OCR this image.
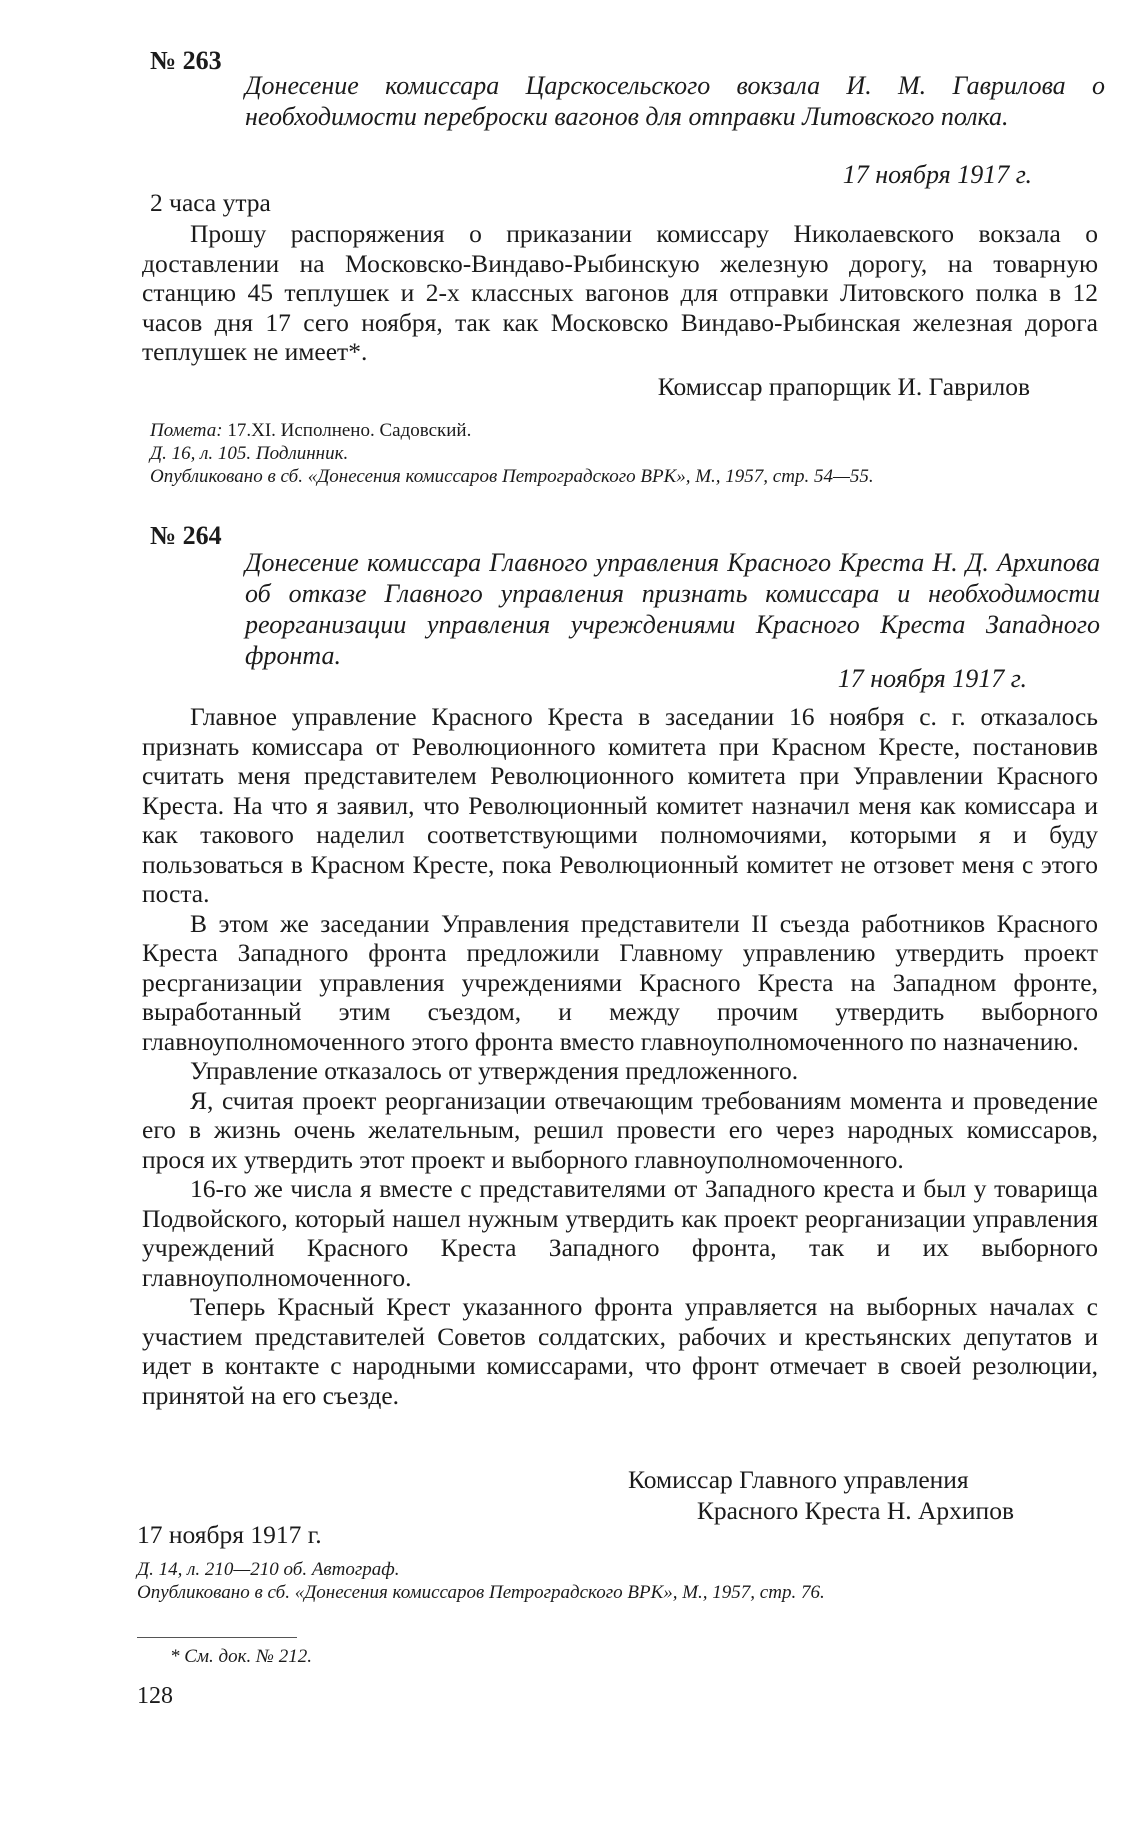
№ 263
Донесение комиссара Царскосельского вокзала И. М. Гаврилова о необходимости переброски вагонов для отправки Литовского полка.
17 ноября 1917 г.
2 часа утра

Прошу распоряжения о приказании комиссару Николаевского вокзала о доставлении на Московско-Виндаво-Рыбинскую железную дорогу, на товарную станцию 45 теплушек и 2-х классных вагонов для отправки Литовского полка в 12 часов дня 17 сего ноября, так как Московско Виндаво-Рыбинская железная дорога теплушек не имеет*.

Комиссар прапорщик И. Гаврилов
Помета: 17.XI. Исполнено. Садовский.
Д. 16, л. 105. Подлинник.
Опубликовано в сб. «Донесения комиссаров Петроградского ВРК», М., 1957, стр. 54—55.
№ 264
Донесение комиссара Главного управления Красного Креста Н. Д. Архипова об отказе Главного управления признать комиссара и необходимости реорганизации управления учреждениями Красного Креста Западного фронта.
17 ноября 1917 г.

Главное управление Красного Креста в заседании 16 ноября с. г. отказалось признать комиссара от Революционного комитета при Красном Кресте, постановив считать меня представителем Революционного комитета при Управлении Красного Креста. На что я заявил, что Революционный комитет назначил меня как комиссара и как такового наделил соответствующими полномочиями, которыми я и буду пользоваться в Красном Кресте, пока Революционный комитет не отзовет меня с этого поста.

В этом же заседании Управления представители II съезда работников Красного Креста Западного фронта предложили Главному управлению утвердить проект ресрганизации управления учреждениями Красного Креста на Западном фронте, выработанный этим съездом, и между прочим утвердить выборного главноуполномоченного этого фронта вместо главноуполномоченного по назначению.

Управление отказалось от утверждения предложенного.

Я, считая проект реорганизации отвечающим требованиям момента и проведение его в жизнь очень желательным, решил провести его через народных комиссаров, прося их утвердить этот проект и выборного главноуполномоченного.

16-го же числа я вместе с представителями от Западного креста и был у товарища Подвойского, который нашел нужным утвердить как проект реорганизации управления учреждений Красного Креста Западного фронта, так и их выборного главноуполномоченного.

Теперь Красный Крест указанного фронта управляется на выборных началах с участием представителей Советов солдатских, рабочих и крестьянских депутатов и идет в контакте с народными комиссарами, что фронт отмечает в своей резолюции, принятой на его съезде.

Комиссар Главного управления
Красного Креста Н. Архипов
17 ноября 1917 г.
Д. 14, л. 210—210 об. Автограф.
Опубликовано в сб. «Донесения комиссаров Петроградского ВРК», М., 1957, стр. 76.
* См. док. № 212.
128
